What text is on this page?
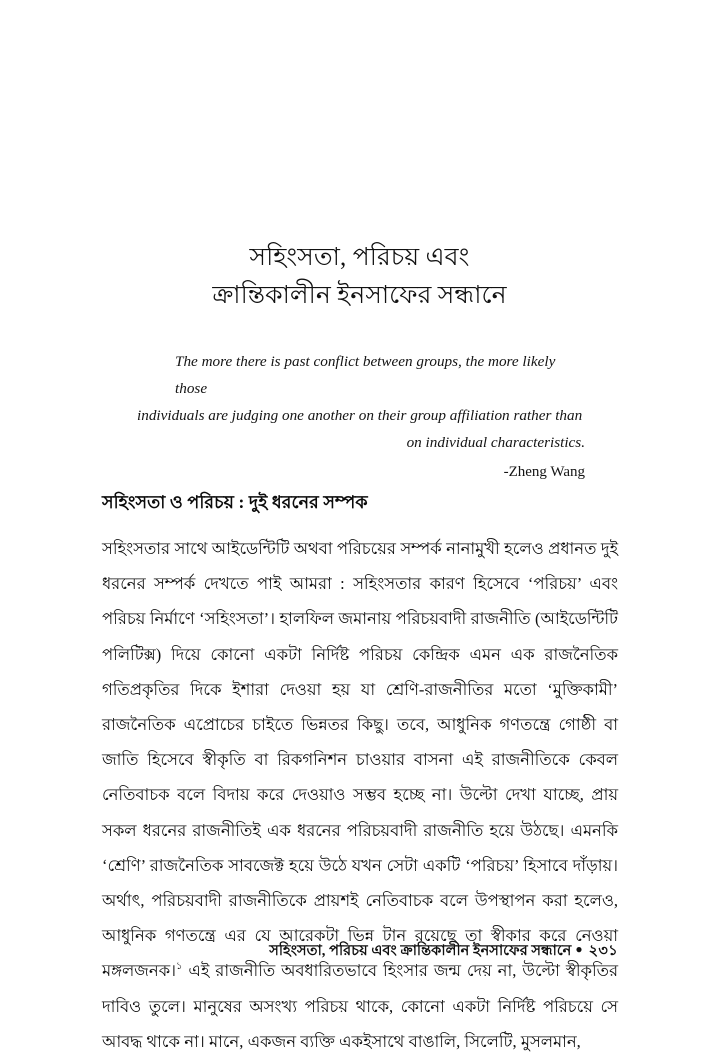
সহিংসতা, পরিচয় এবং
ক্রান্তিকালীন ইনসাফের সন্ধানে
The more there is past conflict between groups, the more likely those
individuals are judging one another on their group affiliation rather than
on individual characteristics.
-Zheng Wang
সহিংসতা ও পরিচয় : দুই ধরনের সম্পক

সহিংসতার সাথে আইডেন্টিটি অথবা পরিচয়ের সম্পর্ক নানামুখী হলেও প্রধানত দুই ধরনের সম্পর্ক দেখতে পাই আমরা : সহিংসতার কারণ হিসেবে ‘পরিচয়’ এবং পরিচয় নির্মাণে ‘সহিংসতা’। হালফিল জমানায় পরিচয়বাদী রাজনীতি (আইডেন্টিটি পলিটিক্স) দিয়ে কোনো একটা নির্দিষ্ট পরিচয় কেন্দ্রিক এমন এক রাজনৈতিক গতিপ্রকৃতির দিকে ইশারা দেওয়া হয় যা শ্রেণি-রাজনীতির মতো ‘মুক্তিকামী’ রাজনৈতিক এপ্রোচের চাইতে ভিন্নতর কিছু। তবে, আধুনিক গণতন্ত্রে গোষ্ঠী বা জাতি হিসেবে স্বীকৃতি বা রিকগনিশন চাওয়ার বাসনা এই রাজনীতিকে কেবল নেতিবাচক বলে বিদায় করে দেওয়াও সম্ভব হচ্ছে না। উল্টো দেখা যাচ্ছে, প্রায় সকল ধরনের রাজনীতিই এক ধরনের পরিচয়বাদী রাজনীতি হয়ে উঠছে। এমনকি ‘শ্রেণি’ রাজনৈতিক সাবজেক্ট হয়ে উঠে যখন সেটা একটি ‘পরিচয়’ হিসাবে দাঁড়ায়। অর্থাৎ, পরিচয়বাদী রাজনীতিকে প্রায়শই নেতিবাচক বলে উপস্থাপন করা হলেও, আধুনিক গণতন্ত্রে এর যে আরেকটা ভিন্ন টান রয়েছে তা স্বীকার করে নেওয়া মঙ্গলজনক।$^১$ এই রাজনীতি অবধারিতভাবে হিংসার জন্ম দেয় না, উল্টো স্বীকৃতির দাবিও তুলে। মানুষের অসংখ্য পরিচয় থাকে, কোনো একটা নির্দিষ্ট পরিচয়ে সে আবদ্ধ থাকে না। মানে, একজন ব্যক্তি একইসাথে বাঙালি, সিলেটি, মুসলমান,

সহিংসতা, পরিচয় এবং ক্রান্তিকালীন ইনসাফের সন্ধানে ● ২৩১
